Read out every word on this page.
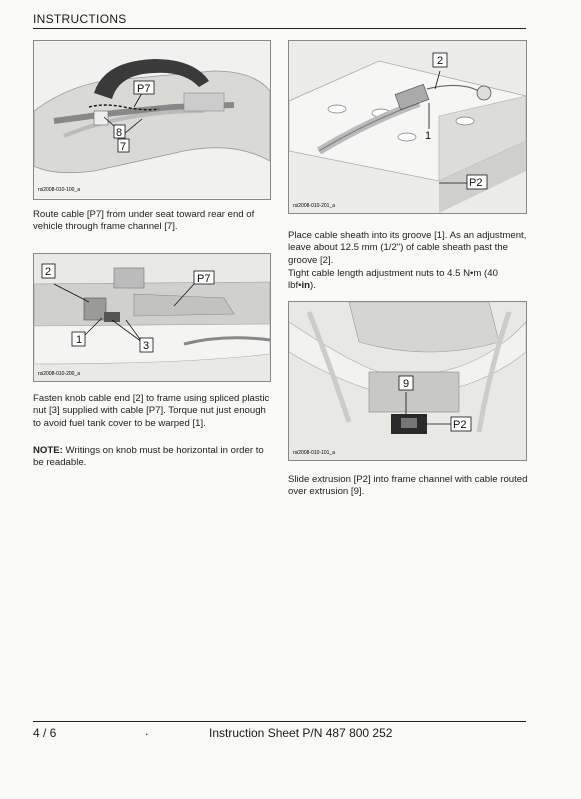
INSTRUCTIONS
P7
8
7
rsi2008-010-100_a
Route cable [P7] from under seat toward rear end of vehicle through frame channel [7].
2
P7
1	3
rsi2008-010-200_a
Fasten knob cable end [2] to frame using spliced plastic nut [3] supplied with cable [P7]. Torque nut just enough to avoid fuel tank cover to be warped [1].
NOTE: Writings on knob must be horizontal in order to be readable.
2
1
P2
rsi2008-010-201_a
Place cable sheath into its groove [1]. As an adjustment, leave about 12.5 mm (1/2") of cable sheath past the groove [2].
Tight cable length adjustment nuts to 4.5 N•m (40 lbf•in).
9
P2
rsi2008-010-101_a
Slide extrusion [P2] into frame channel with cable routed over extrusion [9].
4 / 6	.	Instruction Sheet P/N 487 800 252
